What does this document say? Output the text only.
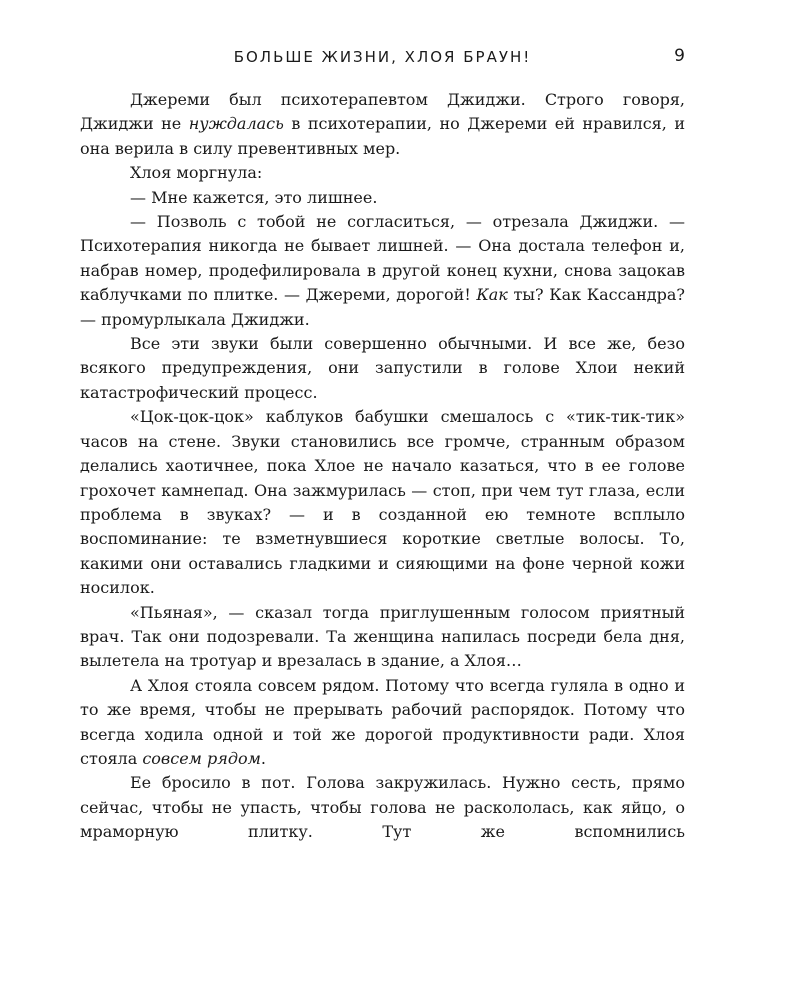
БОЛЬШЕ ЖИЗНИ, ХЛОЯ БРАУН!	9

Джереми был психотерапевтом Джиджи. Строго говоря, Джиджи не нуждалась в психотерапии, но Джереми ей нравился, и она верила в силу превентивных мер.

Хлоя моргнула:

— Мне кажется, это лишнее.

— Позволь с тобой не согласиться, — отрезала Джиджи. — Психотерапия никогда не бывает лишней. — Она достала телефон и, набрав номер, продефилировала в другой конец кухни, снова зацокав каблучками по плитке. — Джереми, дорогой! Как ты? Как Кассандра? — промурлыкала Джиджи.

Все эти звуки были совершенно обычными. И все же, безо всякого предупреждения, они запустили в голове Хлои некий катастрофический процесс.

«Цок-цок-цок» каблуков бабушки смешалось с «тик-тик-тик» часов на стене. Звуки становились все громче, странным образом делались хаотичнее, пока Хлое не начало казаться, что в ее голове грохочет камнепад. Она зажмурилась — стоп, при чем тут глаза, если проблема в звуках? — и в созданной ею темноте всплыло воспоминание: те взметнувшиеся короткие светлые волосы. То, какими они оставались гладкими и сияющими на фоне черной кожи носилок.

«Пьяная», — сказал тогда приглушенным голосом приятный врач. Так они подозревали. Та женщина напилась посреди бела дня, вылетела на тротуар и врезалась в здание, а Хлоя…

А Хлоя стояла совсем рядом. Потому что всегда гуляла в одно и то же время, чтобы не прерывать рабочий распорядок. Потому что всегда ходила одной и той же дорогой продуктивности ради. Хлоя стояла совсем рядом.

Ее бросило в пот. Голова закружилась. Нужно сесть, прямо сейчас, чтобы не упасть, чтобы голова не раскололась, как яйцо, о мраморную плитку. Тут же вспомнились
